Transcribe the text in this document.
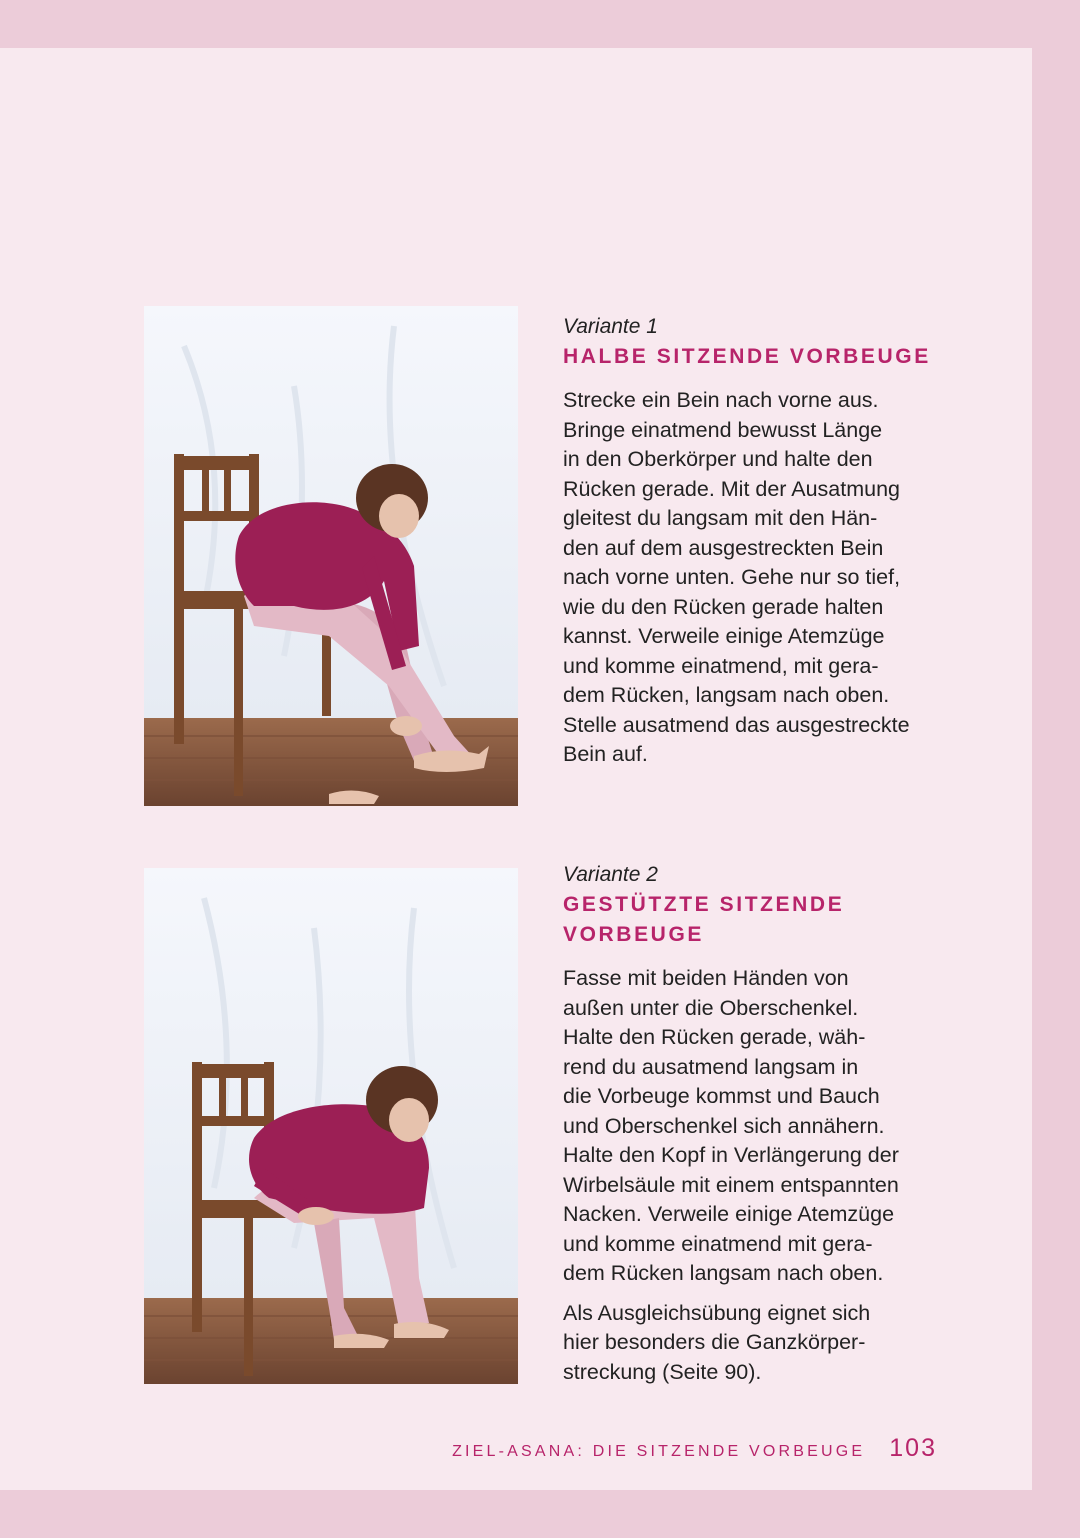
Variante 1

HALBE SITZENDE VORBEUGE

Strecke ein Bein nach vorne aus.
Bringe einatmend bewusst Länge
in den Oberkörper und halte den
Rücken gerade. Mit der Ausatmung
gleitest du langsam mit den Hän-
den auf dem ausgestreckten Bein
nach vorne unten. Gehe nur so tief,
wie du den Rücken gerade halten
kannst. Verweile einige Atemzüge
und komme einatmend, mit gera-
dem Rücken, langsam nach oben.
Stelle ausatmend das ausgestreckte
Bein auf.

Variante 2

GESTÜTZTE SITZENDE
VORBEUGE

Fasse mit beiden Händen von
außen unter die Oberschenkel.
Halte den Rücken gerade, wäh-
rend du ausatmend langsam in
die Vorbeuge kommst und Bauch
und Oberschenkel sich annähern.
Halte den Kopf in Verlängerung der
Wirbelsäule mit einem entspannten
Nacken. Verweile einige Atemzüge
und komme einatmend mit gera-
dem Rücken langsam nach oben.

Als Ausgleichsübung eignet sich
hier besonders die Ganzkörper-
streckung (Seite 90).

ZIEL-ASANA: DIE SITZENDE VORBEUGE 103
